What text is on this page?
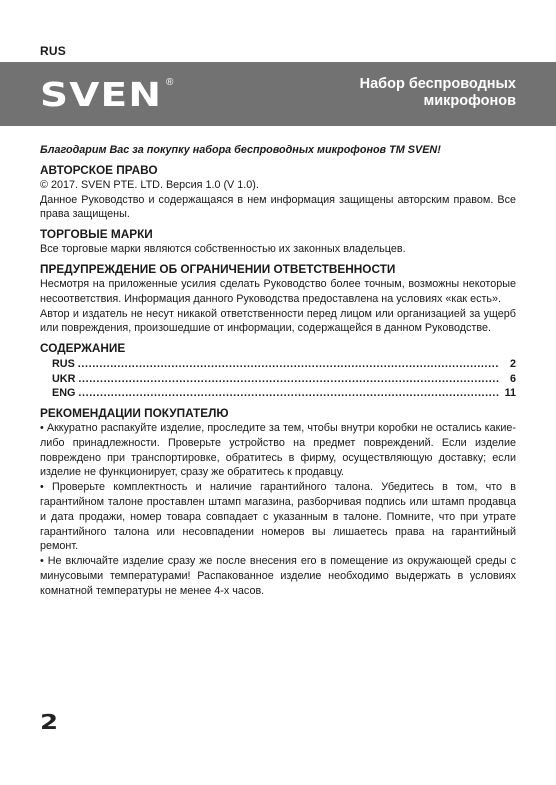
RUS
SVEN ®	Набор беспроводных
микрофонов

Благодарим Вас за покупку набора беспроводных микрофонов ТМ SVEN!

АВТОРСКОЕ ПРАВО

© 2017. SVEN PTE. LTD. Версия 1.0 (V 1.0).

Данное Руководство и содержащаяся в нем информация защищены авторским правом. Все права защищены.

ТОРГОВЫЕ МАРКИ

Все торговые марки являются собственностью их законных владельцев.

ПРЕДУПРЕЖДЕНИЕ ОБ ОГРАНИЧЕНИИ ОТВЕТСТВЕННОСТИ

Несмотря на приложенные усилия сделать Руководство более точным, возможны некоторые несоответствия. Информация данного Руководства предоставлена на условиях «как есть».

Автор и издатель не несут никакой ответственности перед лицом или организацией за ущерб или повреждения, произошедшие от информации, содержащейся в данном Руководстве.

СОДЕРЖАНИЕ
RUS . . .	2
UKR . . .	6
ENG . . .	11
РЕКОМЕНДАЦИИ ПОКУПАТЕЛЮ

• Аккуратно распакуйте изделие, проследите за тем, чтобы внутри коробки не остались какие-либо принадлежности. Проверьте устройство на предмет повреждений. Если изделие повреждено при транспортировке, обратитесь в фирму, осуществляющую доставку; если изделие не функционирует, сразу же обратитесь к продавцу.

• Проверьте комплектность и наличие гарантийного талона. Убедитесь в том, что в гарантийном талоне проставлен штамп магазина, разборчивая подпись или штамп продавца и дата продажи, номер товара совпадает с указанным в талоне. Помните, что при утрате гарантийного талона или несовпадении номеров вы лишаетесь права на гарантийный ремонт.

• Не включайте изделие сразу же после внесения его в помещение из окружающей среды с минусовыми температурами! Распакованное изделие необходимо выдержать в условиях комнатной температуры не менее 4-х часов.

2
